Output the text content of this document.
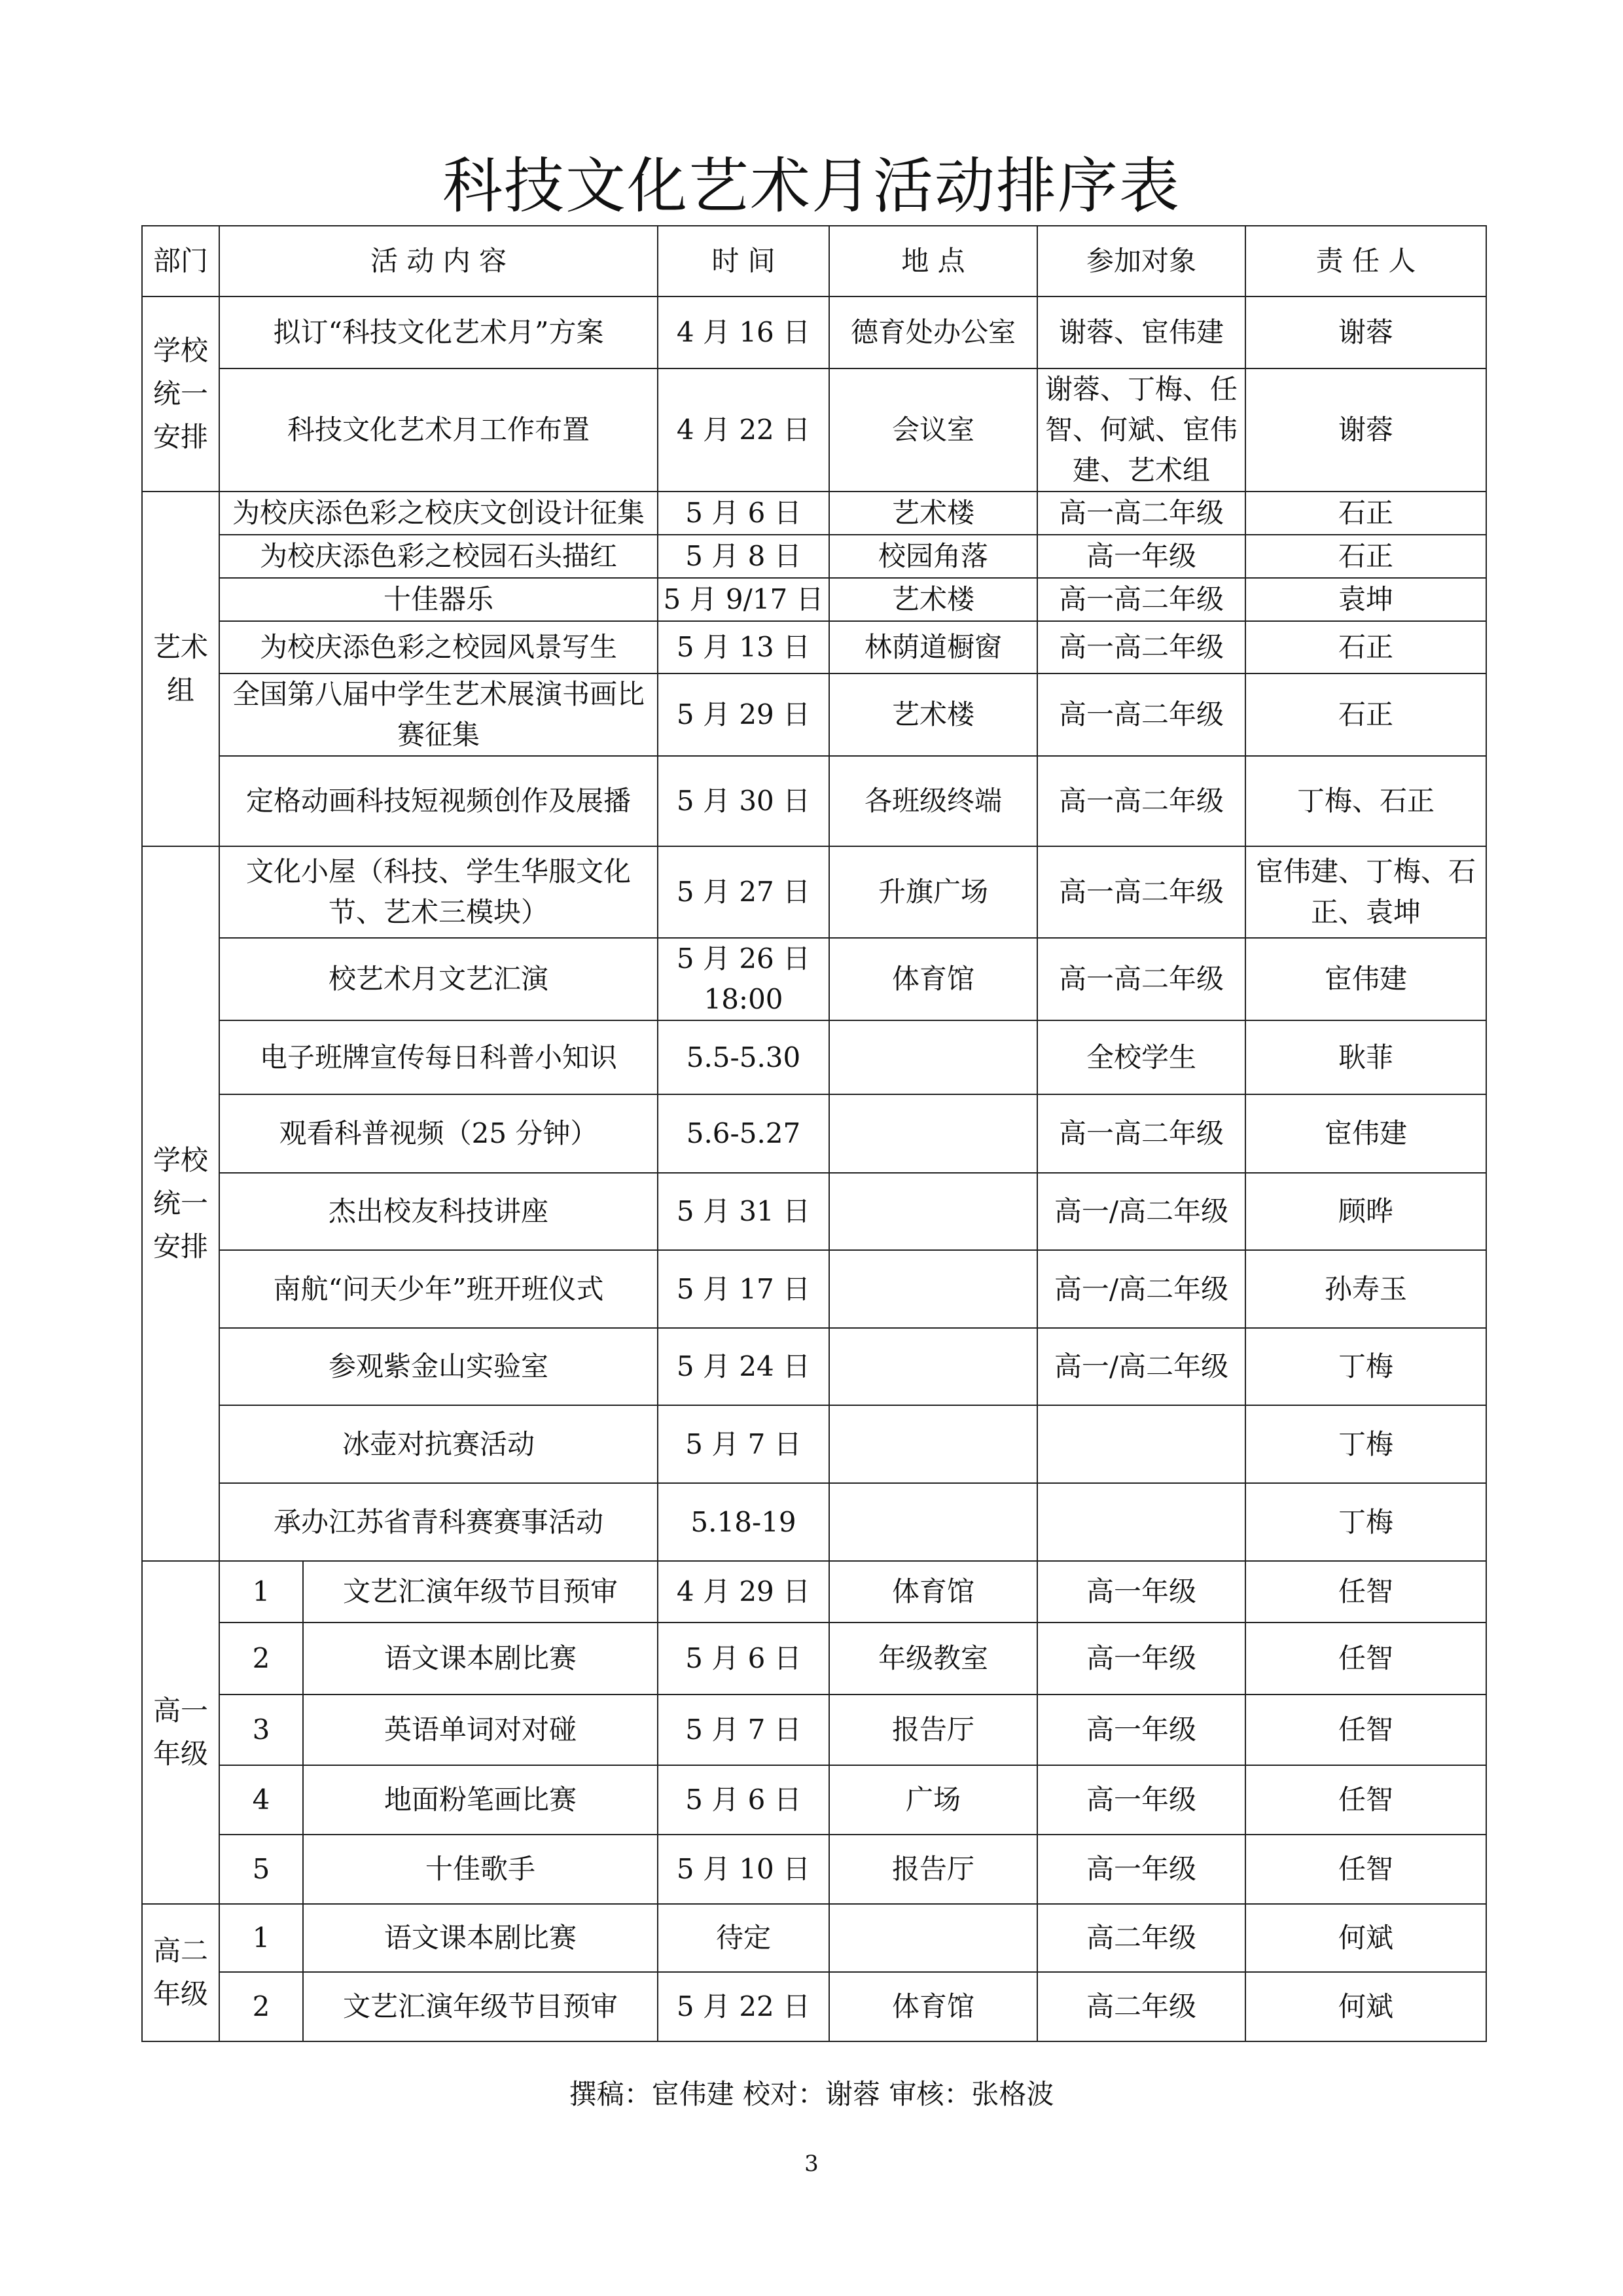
科技文化艺术月活动排序表
部门	活 动 内 容		时 间	地 点	参加对象	责 任 人
学校统一安排	拟订“科技文化艺术月”方案		4 月 16 日	德育处办公室	谢蓉、宦伟建	谢蓉
	科技文化艺术月工作布置		4 月 22 日	会议室	谢蓉、丁梅、任智、何斌、宦伟建、艺术组	谢蓉
艺术组	为校庆添色彩之校庆文创设计征集		5 月 6 日	艺术楼	高一高二年级	石正
	为校庆添色彩之校园石头描红		5 月 8 日	校园角落	高一年级	石正
	十佳器乐		5 月 9/17 日	艺术楼	高一高二年级	袁坤
	为校庆添色彩之校园风景写生		5 月 13 日	林荫道橱窗	高一高二年级	石正
	全国第八届中学生艺术展演书画比赛征集		5 月 29 日	艺术楼	高一高二年级	石正
	定格动画科技短视频创作及展播		5 月 30 日	各班级终端	高一高二年级	丁梅、石正
学校统一安排	文化小屋（科技、学生华服文化节、艺术三模块）		5 月 27 日	升旗广场	高一高二年级	宦伟建、丁梅、石正、袁坤
	校艺术月文艺汇演		5 月 26 日 18:00	体育馆	高一高二年级	宦伟建
	电子班牌宣传每日科普小知识		5.5-5.30		全校学生	耿菲
	观看科普视频（25 分钟）		5.6-5.27		高一高二年级	宦伟建
	杰出校友科技讲座		5 月 31 日		高一/高二年级	顾晔
	南航“问天少年”班开班仪式		5 月 17 日		高一/高二年级	孙寿玉
	参观紫金山实验室		5 月 24 日		高一/高二年级	丁梅
	冰壶对抗赛活动		5 月 7 日			丁梅
	承办江苏省青科赛赛事活动		5.18-19			丁梅
高一年级	1	文艺汇演年级节目预审	4 月 29 日	体育馆	高一年级	任智
	2	语文课本剧比赛	5 月 6 日	年级教室	高一年级	任智
	3	英语单词对对碰	5 月 7 日	报告厅	高一年级	任智
	4	地面粉笔画比赛	5 月 6 日	广场	高一年级	任智
	5	十佳歌手	5 月 10 日	报告厅	高一年级	任智
高二年级	1	语文课本剧比赛	待定		高二年级	何斌
	2	文艺汇演年级节目预审	5 月 22 日	体育馆	高二年级	何斌
撰稿：宦伟建 校对：谢蓉 审核：张格波
3
